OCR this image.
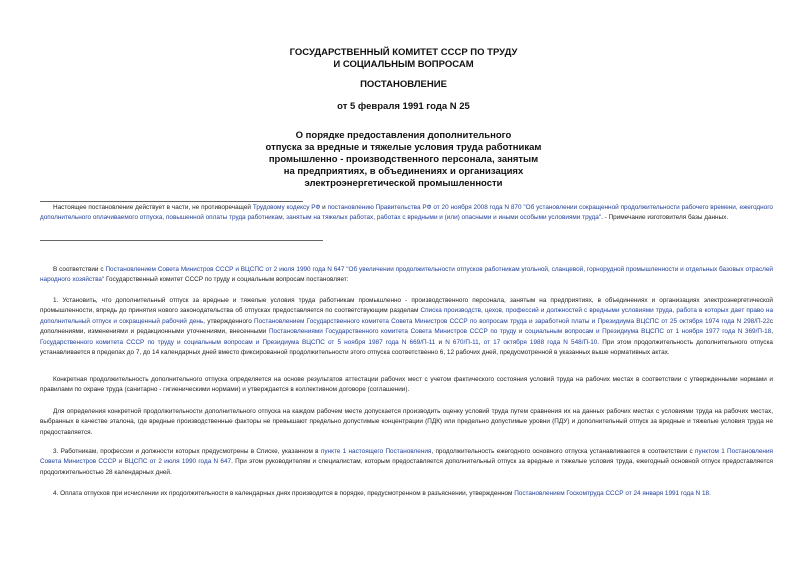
ГОСУДАРСТВЕННЫЙ КОМИТЕТ СССР ПО ТРУДУ
И СОЦИАЛЬНЫМ ВОПРОСАМ
ПОСТАНОВЛЕНИЕ
от 5 февраля 1991 года N 25
О порядке предоставления дополнительного
отпуска за вредные и тяжелые условия труда работникам
промышленно - производственного персонала, занятым
на предприятиях, в объединениях и организациях
электроэнергетической промышленности
Настоящее постановление действует в части, не противоречащей Трудовому кодексу РФ и постановлению Правительства РФ от 20 ноября 2008 года N 870 "Об установлении сокращенной продолжительности рабочего времени, ежегодного дополнительного оплачиваемого отпуска, повышенной оплаты труда работникам, занятым на тяжелых работах, работах с вредными и (или) опасными и иными особыми условиями труда". - Примечание изготовителя базы данных.
В соответствии с Постановлением Совета Министров СССР и ВЦСПС от 2 июля 1990 года N 647 "Об увеличении продолжительности отпусков работникам угольной, сланцевой, горнорудной промышленности и отдельных базовых отраслей народного хозяйства" Государственный комитет СССР по труду и социальным вопросам постановляет:
1. Установить, что дополнительный отпуск за вредные и тяжелые условия труда работникам промышленно - производственного персонала, занятым на предприятиях, в объединениях и организациях электроэнергетической промышленности, впредь до принятия нового законодательства об отпусках предоставляется по соответствующим разделам Списка производств, цехов, профессий и должностей с вредными условиями труда, работа в которых дает право на дополнительный отпуск и сокращенный рабочий день, утвержденного Постановлением Государственного комитета Совета Министров СССР по вопросам труда и заработной платы и Президиума ВЦСПС от 25 октября 1974 года N 298/П-22с дополнениями, изменениями и редакционными уточнениями, внесенными Постановлениями Государственного комитета Совета Министров СССР по труду и социальным вопросам и Президиума ВЦСПС от 1 ноября 1977 года N 369/П-18, Государственного комитета СССР по труду и социальным вопросам и Президиума ВЦСПС от 5 ноября 1987 года N 669/П-11 и N 670/П-11, от 17 октября 1988 года N 548/П-10. При этом продолжительность дополнительного отпуска устанавливается в пределах до 7, до 14 календарных дней вместо фиксированной продолжительности этого отпуска соответственно 6, 12 рабочих дней, предусмотренной в указанных выше нормативных актах.
Конкретная продолжительность дополнительного отпуска определяется на основе результатов аттестации рабочих мест с учетом фактического состояния условий труда на рабочих местах в соответствии с утвержденными нормами и правилами по охране труда (санитарно - гигиеническими нормами) и утверждается в коллективном договоре (соглашении).
Для определения конкретной продолжительности дополнительного отпуска на каждом рабочем месте допускается производить оценку условий труда путем сравнения их на данных рабочих местах с условиями труда на рабочих местах, выбранных в качестве эталона, где вредные производственные факторы не превышают предельно допустимые концентрации (ПДК) или предельно допустимые уровни (ПДУ) и дополнительный отпуск за вредные и тяжелые условия труда не предоставляется.
3. Работникам, профессии и должности которых предусмотрены в Списке, указанном в пункте 1 настоящего Постановления, продолжительность ежегодного основного отпуска устанавливается в соответствии с пунктом 1 Постановления Совета Министров СССР и ВЦСПС от 2 июля 1990 года N 647. При этом руководителям и специалистам, которым предоставляется дополнительный отпуск за вредные и тяжелые условия труда, ежегодный основной отпуск предоставляется продолжительностью 28 календарных дней.
4. Оплата отпусков при исчислении их продолжительности в календарных днях производится в порядке, предусмотренном в разъяснении, утвержденном Постановлением Госкомтруда СССР от 24 января 1991 года N 18.
